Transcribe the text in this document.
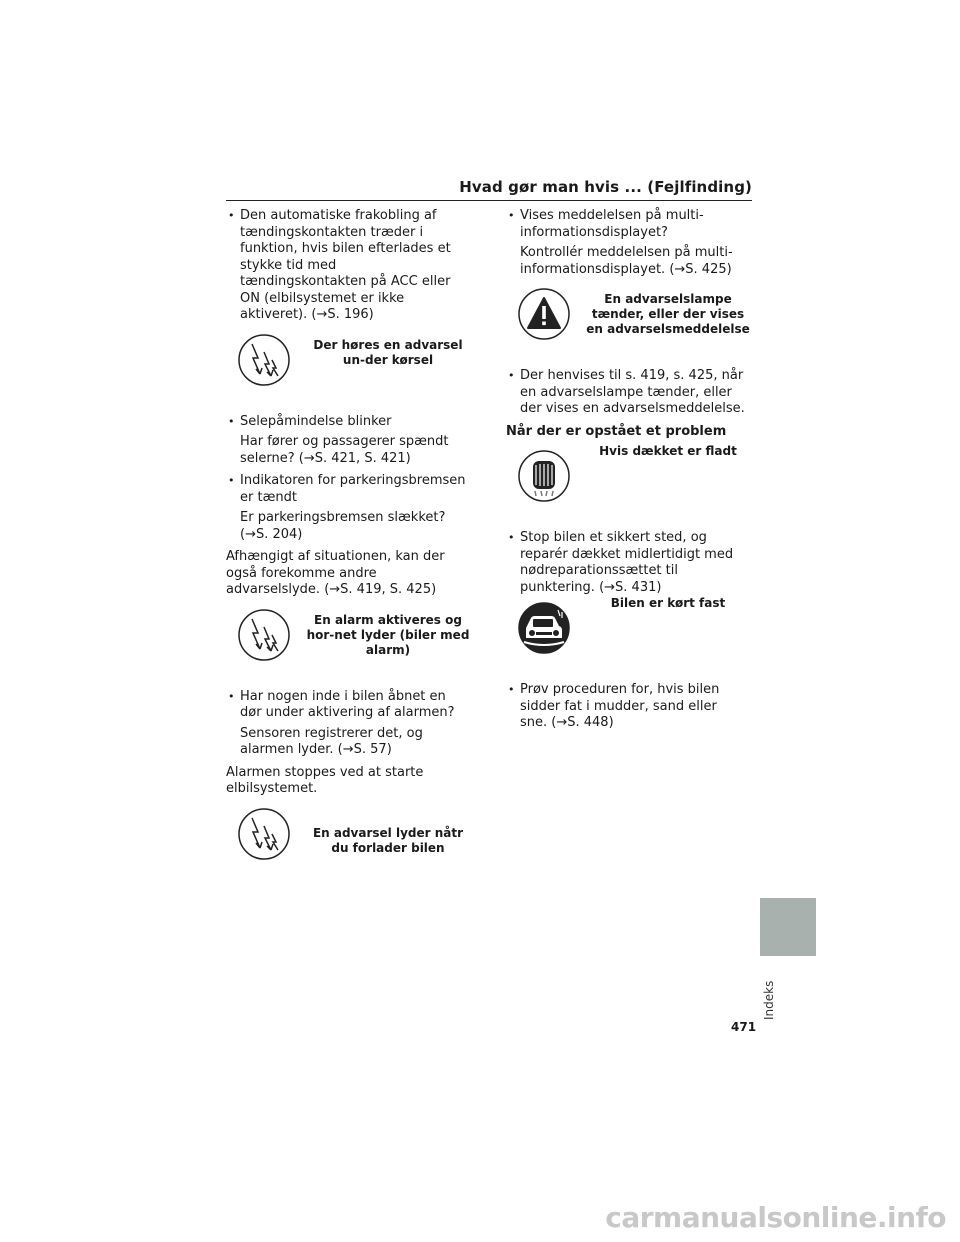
Hvad gør man hvis ... (Fejlfinding)
• Den automatiske frakobling af tændingskontakten træder i funktion, hvis bilen efterlades et stykke tid med tændingskontakten på ACC eller ON (elbilsystemet er ikke aktiveret). (→S. 196)
Der høres en advarsel un-der kørsel
• Selepåmindelse blinker
Har fører og passagerer spændt selerne? (→S. 421, S. 421)
• Indikatoren for parkeringsbremsen er tændt
Er parkeringsbremsen slækket? (→S. 204)
Afhængigt af situationen, kan der også forekomme andre advarselslyde. (→S. 419, S. 425)
En alarm aktiveres og hor-net lyder (biler med alarm)
• Har nogen inde i bilen åbnet en dør under aktivering af alarmen?
Sensoren registrerer det, og alarmen lyder. (→S. 57)
Alarmen stoppes ved at starte elbilsystemet.
En advarsel lyder nåtr du forlader bilen
• Vises meddelelsen på multi-informationsdisplayet?
Kontrollér meddelelsen på multi-informationsdisplayet. (→S. 425)
En advarselslampe tænder, eller der vises en advarselsmeddelelse
• Der henvises til s. 419, s. 425, når en advarselslampe tænder, eller der vises en advarselsmeddelelse.
Når der er opstået et problem
Hvis dækket er fladt
• Stop bilen et sikkert sted, og reparér dækket midlertidigt med nødreparationssættet til punktering. (→S. 431)
Bilen er kørt fast
• Prøv proceduren for, hvis bilen sidder fat i mudder, sand eller sne. (→S. 448)
Indeks
471
carmanualsonline.info
